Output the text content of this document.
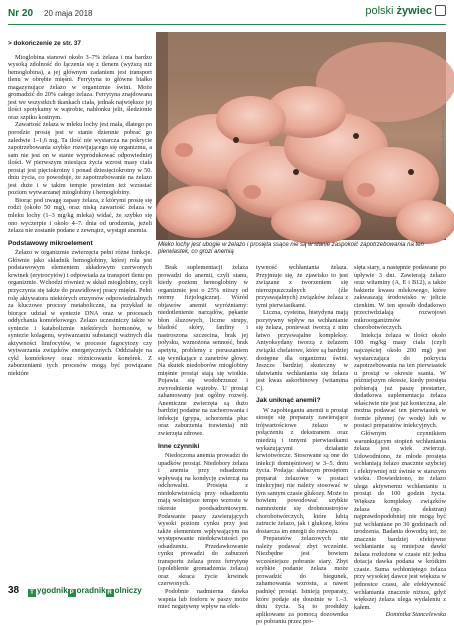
Nr 20 20 maja 2018	polski żywiec
> dokończenie ze str. 37

Mioglobina stanowi około 3–7% żelaza i ma bardzo wysoką zdolność do łączenia się z tlenem (wyższą niż hemoglobina), a jej głównym zadaniem jest transport tlenu w obrębie mięśni. Ferrytyna to główne białko magazynujące żelazo w organizmie świni. Może gromadzić do 20% całego żelaza. Ferrytyna znajdowana jest we wszystkich tkankach ciała, jednak największe jej ilości spotykamy w wątrobie, nabłonku jelit, śledzionie oraz szpiku kostnym.

Zawartość żelaza w mleku lochy jest mała, dlatego po porodzie prosię jest w stanie dziennie pobrać go zaledwie 1–1,6 mg. Ta ilość nie wystarcza na pokrycie zapotrzebowania szybko rozwijającego się organizmu, a sam nie jest on w stanie wyprodukować odpowiedniej ilości. W pierwszym miesiącu życia wzrost masy ciała prosiąt jest pięciokrotny i ponad dziesięciokrotny w 50. dniu życia, co powoduje, że zapotrzebowanie na żelazo jest duże i w takim tempie powinien też wzrastać poziom wytwarzanej mioglobiny i hemoglobiny.

Biorąc pod uwagę zapasy żelaza, z którymi prosię się rodzi (około 50 mg), oraz niską zawartość żelaza w mleku lochy (1–3 mg/kg mleka) widać, że szybko się ono wyczerpie i około 4–7. dnia od urodzenia, jeżeli żelaza nie zostanie podane z zewnątrz, wystąpi anemia.

Podstawowy mikroelement

Żelazo w organizmie zwierzęcia pełni różne funkcje. Głównie jako składnik hemoglobiny, której rola jest podstawowym elementem składowym czerwonych krwinek (erytrocytów) i odpowiada za transport tlenu po organizmie. Wchodzi również w skład mioglobiny, czyli przyczynia się także do prawidłowej pracy mięśni. Pełni rolę aktywatora niektórych enzymów odpowiedzialnych za kluczowe procesy metaboliczne, na przykład te biorące udział w syntezie DNA oraz w procesach oddychania komórkowego. Żelazo uczestniczy także w syntezie i katabolizmie niektórych hormonów, w syntezie kolagenu, wytwarzaniu substancji ważnych dla aktywności limfocytów, w procesie fagocytozy czy wytwarzania związków energetycznych. Oddziałuje na cykl komórkowy oraz różnicowanie komórek. Z zaburzeniami tych procesów mogą być powiązane niektóre

Grzegorz Tomasz Brzeziński
Mleko lochy jest ubogie w żelazo i prosięta ssące nie są w stanie zaspokoić zapotrzebowania na ten pierwiastek, co grozi anemią

Brak suplementacji żelaza prowadzi do anemii, czyli stanu, kiedy poziom hemoglobiny w organizmie jest o 25% niższy od normy fizjologicznej. Wśród objawów anemii wyróżniamy: niedotlenienie narządów, pękanie błon śluzowych, liczne strupy, bladość skóry, fanfiny i nastroszona szczecina, brak jej połysku, wzmożona senność, brak apetytu, problemy z poruszaniem się wynikające z zanetrów głowy. Na skutek niedoborów mioglobiny mięśnie prosiąt stają się wiotkie. Pojawia się wodobrzusze i zwyrodnienie wątroby. U prosiąt zahamowany jest ogólny rozwój. Anemiczne zwierzęta są dużo bardziej podatne na zachorowania i infekcje (grypa, schorzenia płuc oraz zaburzenia trawienia) niż zwierzęta zdrowe.

Inne czynniki

Niedoczona anemia prowadzi do upadków prosiąt. Niedobory żelaza i anemia przy odsadzeniu wpływają na kondycję zwierząt na odchowalni. Prosięta z niedokrwistością przy odsadzeniu mają wolniejsze tempo wzrostu w okresie poodsadzeniowym. Podawanie paszy zawierających wysoki poziom cynku przy jest także elementem wpływającym na występowanie niedokrwistości po odsadzeniu. Przedawkowanie cynku prowadzi do zaburzeń transportu żelaza przez ferrytynę (spoleblenie gromadzenia żelaza) oraz skraca życie krwinek czerwonych.

Podobnie nadmierna dawka wapnia lub fosforu w paszy może mieć negatywny wpływ na efek-

tywność wchłaniania żelaza. Przyjmuje się, że zjawisko to jest związane z tworzeniem się nierozpuszczalnych (źle przyswajalnych) związków żelaza z tymi pierwiastkami.

Liczna, cysteina, histydyna mają pozytywny wpływ na wchłanianie się żelaza, ponieważ tworzą z nim łatwo przyswajalne kompleksy. Antyoksydany tworzą z żelazem związki chelatowe, które są bardziej dostępne dla organizmu świni. Jeszcze bardziej skuteczny w ułatwianiu wchłaniania się żelaza jest kwas askorbinowy (witamina C).

Jak uniknąć anemii?

W zapobieganiu anemii u prosiąt stosuje się preparaty zawierające trójwartościowe żelazo w połączeniu z dekstranem oraz miedzią i innymi pierwiastkami wykazującymi działanie krwiotwórcze. Stosowane są one do iniekcji domięśniowej w 3–5. dniu życia. Podając słabszym prosiętom preparat żelazowe w postaci iniekcyjnej nie należy stosować w tym samym czasie glukozy. Może to bowiem powodować szybkie namnożenie się drobnoustrojów chorobotwórczych, które lubią zatrucie żelazo, jak i glukozę, która dostarcza im energii do rozwoju.

Preparatów żelazowych nie należy podawać zbyt wcześnie. Niezbędne jest bowiem wcześniejsze pobranie siary. Zbyt szybkie podanie żelaza może prowadzić do biegunek, zahamowania wzrostu, a nawet padnięć prosiąt. Istnieją preparaty, które podaje się doustnie w 1.–3. dniu życia. Są to produkty aplikowane za pomocą dozownika po pobraniu przez pro-

sięta siary, a następnie podawane po upływie 3 dni. Zawierają żelazo oraz witaminy (A, E i B12), a także bakterie kwasu mlekowego, które zakwaszają środowisko w jelicie cienkim. W ten sposób dodatkowo przeciwdziałają rozwojowi mikroorganizmów chorobotwórczych.

Iniekcja żelaza w ilości około 100 mg/kg masy ciała (czyli najczęściej około 200 mg) jest wystarczająca do pokrycia zapotrzebowania na ten pierwiastek u prosiąt w okresie ssania. W późniejszym okresie, kiedy prosięta pobierają już paszę prestarter, dodatkowa suplementacja żelaza właściwie nie jest już konieczna, ale można podawać ten pierwiastek w formie płynnej (w wodę) lub w postaci preparatów iniekcyjnych.

Głównym czynnikiem warunkującym stopień wchłaniania żelaza jest wiek zwierząt. Udowodniono, że młode prosięta wchłaniają żelazo znacznie szybciej i efektywniej niż świnie w starszym wieku. Dowiedziono, że żelazo ulega aktywnemu wchłanianiu u prosiąt do 100 godzin życia. Większe kompleksy związków żelaza (np. dekstran) najprawdopodobniej nie mogą być już wchłaniane po 30 godzinach od urodzenia. Badania dowodzą też, że znacznie bardziej efektywne wchłanianie są mniejsze dawki żelaza rozłożone w czasie niż jedna dotacja dawka podana w krótkim czasie. Suma wchłoniętego żelaza przy wysokiej dawce jest większa w jednostce czasu, ale efektywność wchłaniania znacznie niższa, gdyż większej żelaza ulega wydaleniu z kałem.

Dominika Stancelewska

38	T ygodnik P oradnik R olniczy
